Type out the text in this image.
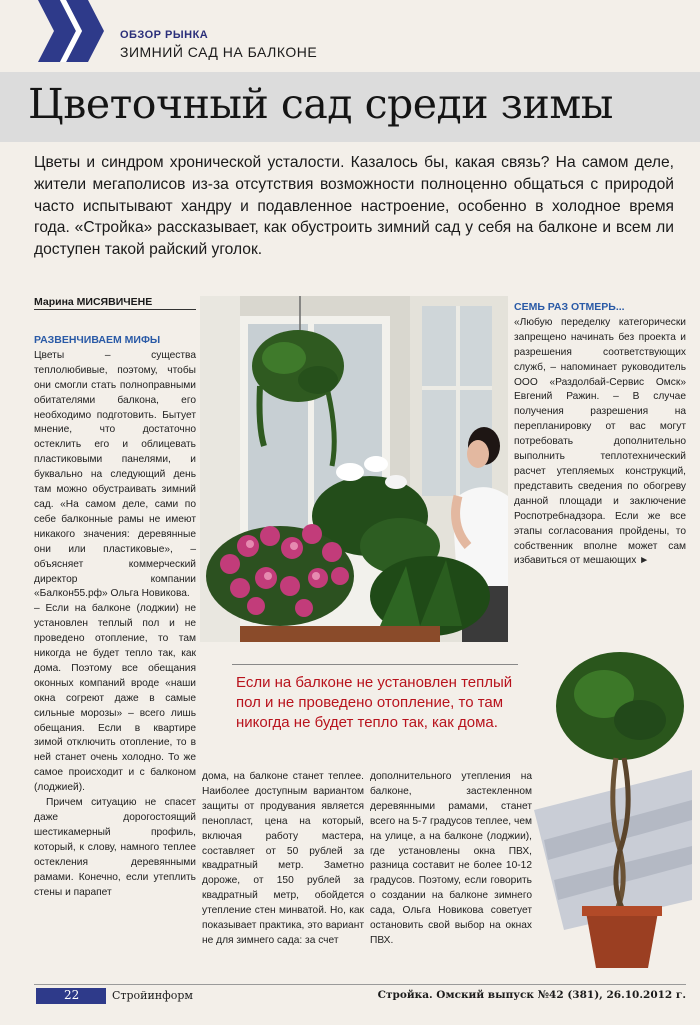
ОБЗОР РЫНКА
ЗИМНИЙ САД НА БАЛКОНЕ
Цветочный сад среди зимы
Цветы и синдром хронической усталости. Казалось бы, какая связь? На самом деле, жители мегаполисов из-за отсутствия возможности полноценно общаться с природой часто испытывают хандру и подавленное настроение, особенно в холодное время года. «Стройка» рассказывает, как обустроить зимний сад у себя на балконе и всем ли доступен такой райский уголок.
Марина МИСЯВИЧЕНЕ
РАЗВЕНЧИВАЕМ МИФЫ

Цветы – существа теплолюбивые, поэтому, чтобы они смогли стать полноправными обитателями балкона, его необходимо подготовить. Бытует мнение, что достаточно остеклить его и облицевать пластиковыми панелями, и буквально на следующий день там можно обустраивать зимний сад. «На самом деле, сами по себе балконные рамы не имеют никакого значения: деревянные они или пластиковые», – объясняет коммерческий директор компании «Балкон55.рф» Ольга Новикова.

– Если на балконе (лоджии) не установлен теплый пол и не проведено отопление, то там никогда не будет тепло так, как дома. Поэтому все обещания оконных компаний вроде «наши окна согреют даже в самые сильные морозы» – всего лишь обещания. Если в квартире зимой отключить отопление, то в ней станет очень холодно. То же самое происходит и с балконом (лоджией).

Причем ситуацию не спасет даже дорогостоящий шестикамерный профиль, который, к слову, намного теплее остекления деревянными рамами. Конечно, если утеплить стены и парапет

Если на балконе не установлен теплый пол и не проведено отопление, то там никогда не будет тепло так, как дома.

дома, на балконе станет теплее. Наиболее доступным вариантом защиты от продувания является пенопласт, цена на который, включая работу мастера, составляет от 50 рублей за квадратный метр. Заметно дороже, от 150 рублей за квадратный метр, обойдется утепление стен минватой. Но, как показывает практика, это вариант не для зимнего сада: за счет

дополнительного утепления на балконе, застекленном деревянными рамами, станет всего на 5-7 градусов теплее, чем на улице, а на балконе (лоджии), где установлены окна ПВХ, разница составит не более 10-12 градусов. Поэтому, если говорить о создании на балконе зимнего сада, Ольга Новикова советует остановить свой выбор на окнах ПВХ.

СЕМЬ РАЗ ОТМЕРЬ...

«Любую переделку категорически запрещено начинать без проекта и разрешения соответствующих служб, – напоминает руководитель ООО «Раздолбай-Сервис Омск» Евгений Ражин. – В случае получения разрешения на перепланировку от вас могут потребовать дополнительно выполнить теплотехнический расчет утепляемых конструкций, представить сведения по обогреву данной площади и заключение Роспотребнадзора. Если же все этапы согласования пройдены, то собственник вполне может сам избавиться от мешающих ►

22	Стройинформ	Стройка. Омский выпуск №42 (381), 26.10.2012 г.
